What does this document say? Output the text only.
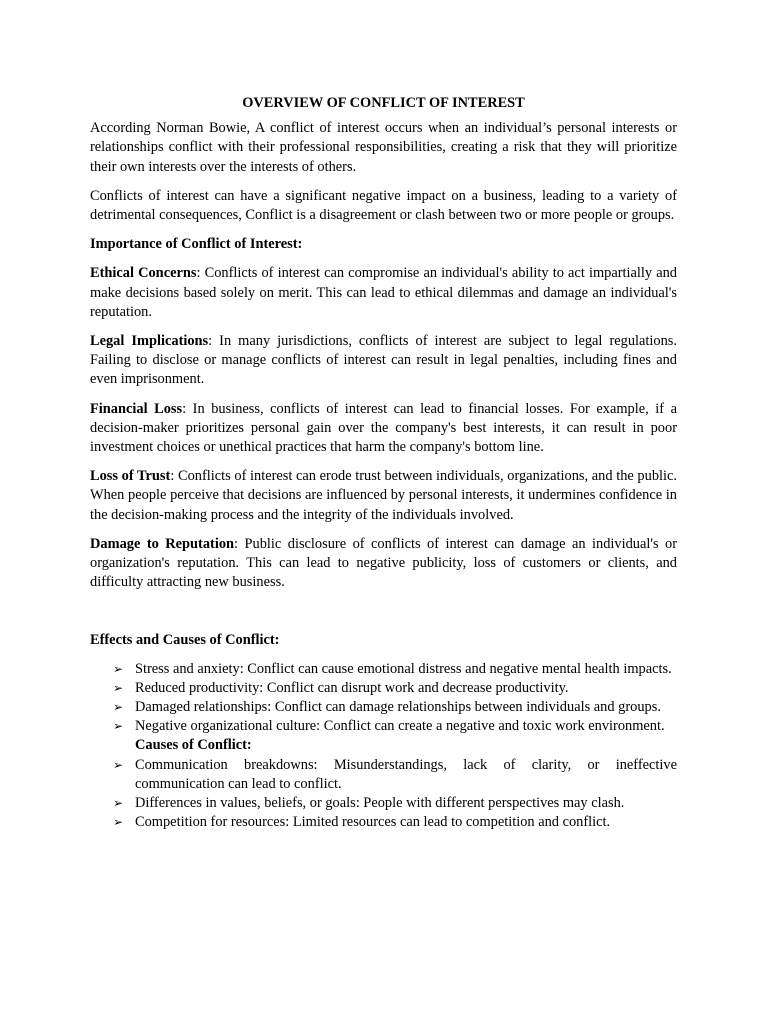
OVERVIEW OF CONFLICT OF INTEREST

According Norman Bowie, A conflict of interest occurs when an individual’s personal interests or relationships conflict with their professional responsibilities, creating a risk that they will prioritize their own interests over the interests of others.

Conflicts of interest can have a significant negative impact on a business, leading to a variety of detrimental consequences, Conflict is a disagreement or clash between two or more people or groups.

Importance of Conflict of Interest:

Ethical Concerns: Conflicts of interest can compromise an individual's ability to act impartially and make decisions based solely on merit. This can lead to ethical dilemmas and damage an individual's reputation.

Legal Implications: In many jurisdictions, conflicts of interest are subject to legal regulations. Failing to disclose or manage conflicts of interest can result in legal penalties, including fines and even imprisonment.

Financial Loss: In business, conflicts of interest can lead to financial losses. For example, if a decision-maker prioritizes personal gain over the company's best interests, it can result in poor investment choices or unethical practices that harm the company's bottom line.

Loss of Trust: Conflicts of interest can erode trust between individuals, organizations, and the public. When people perceive that decisions are influenced by personal interests, it undermines confidence in the decision-making process and the integrity of the individuals involved.

Damage to Reputation: Public disclosure of conflicts of interest can damage an individual's or organization's reputation. This can lead to negative publicity, loss of customers or clients, and difficulty attracting new business.

Effects and Causes of Conflict:
➢ Stress and anxiety: Conflict can cause emotional distress and negative mental health impacts.
➢ Reduced productivity: Conflict can disrupt work and decrease productivity.
➢ Damaged relationships: Conflict can damage relationships between individuals and groups.
➢ Negative organizational culture: Conflict can create a negative and toxic work environment.
Causes of Conflict:
➢ Communication breakdowns: Misunderstandings, lack of clarity, or ineffective communication can lead to conflict.
➢ Differences in values, beliefs, or goals: People with different perspectives may clash.
➢ Competition for resources: Limited resources can lead to competition and conflict.
